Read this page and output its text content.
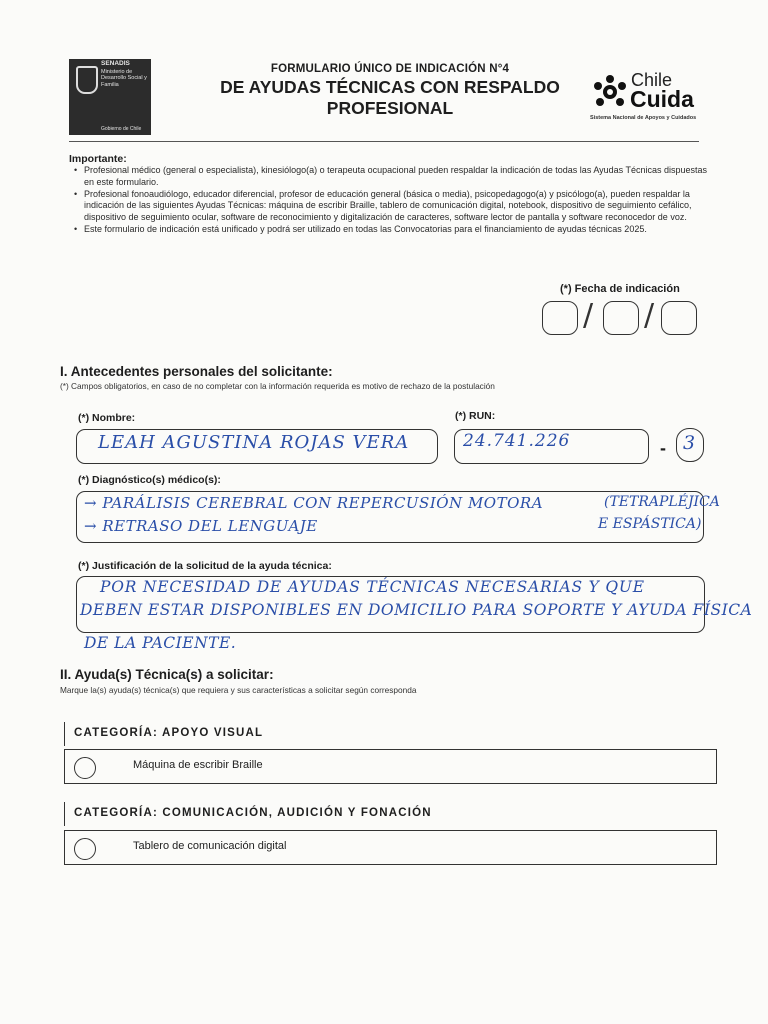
SENADIS
Ministerio de Desarrollo Social y Familia
Gobierno de Chile
FORMULARIO ÚNICO DE INDICACIÓN N°4
DE AYUDAS TÉCNICAS CON RESPALDO PROFESIONAL
Chile
Cuida
Sistema Nacional de Apoyos y Cuidados
Importante:
• Profesional médico (general o especialista), kinesiólogo(a) o terapeuta ocupacional pueden respaldar la indicación de todas las Ayudas Técnicas dispuestas en este formulario.
• Profesional fonoaudiólogo, educador diferencial, profesor de educación general (básica o media), psicopedagogo(a) y psicólogo(a), pueden respaldar la indicación de las siguientes Ayudas Técnicas: máquina de escribir Braille, tablero de comunicación digital, notebook, dispositivo de seguimiento cefálico, dispositivo de seguimiento ocular, software de reconocimiento y digitalización de caracteres, software lector de pantalla y software reconocedor de voz.
• Este formulario de indicación está unificado y podrá ser utilizado en todas las Convocatorias para el financiamiento de ayudas técnicas 2025.
(*) Fecha de indicación
/ /
I. Antecedentes personales del solicitante:
(*) Campos obligatorios, en caso de no completar con la información requerida es motivo de rechazo de la postulación
(*) Nombre:
LEAH AGUSTINA ROJAS VERA
(*) RUN:
24.741.226	- 3
(*) Diagnóstico(s) médico(s):
→ PARÁLISIS CEREBRAL CON REPERCUSIÓN MOTORA
→ RETRASO DEL LENGUAJE
(TETRAPLÉJICA
E ESPÁSTICA)
(*) Justificación de la solicitud de la ayuda técnica:
POR NECESIDAD DE AYUDAS TÉCNICAS NECESARIAS Y QUE
DEBEN ESTAR DISPONIBLES EN DOMICILIO PARA SOPORTE Y AYUDA FÍSICA
DE LA PACIENTE.
II. Ayuda(s) Técnica(s) a solicitar:
Marque la(s) ayuda(s) técnica(s) que requiera y sus características a solicitar según corresponda
CATEGORÍA: APOYO VISUAL
Máquina de escribir Braille
CATEGORÍA: COMUNICACIÓN, AUDICIÓN Y FONACIÓN
Tablero de comunicación digital
